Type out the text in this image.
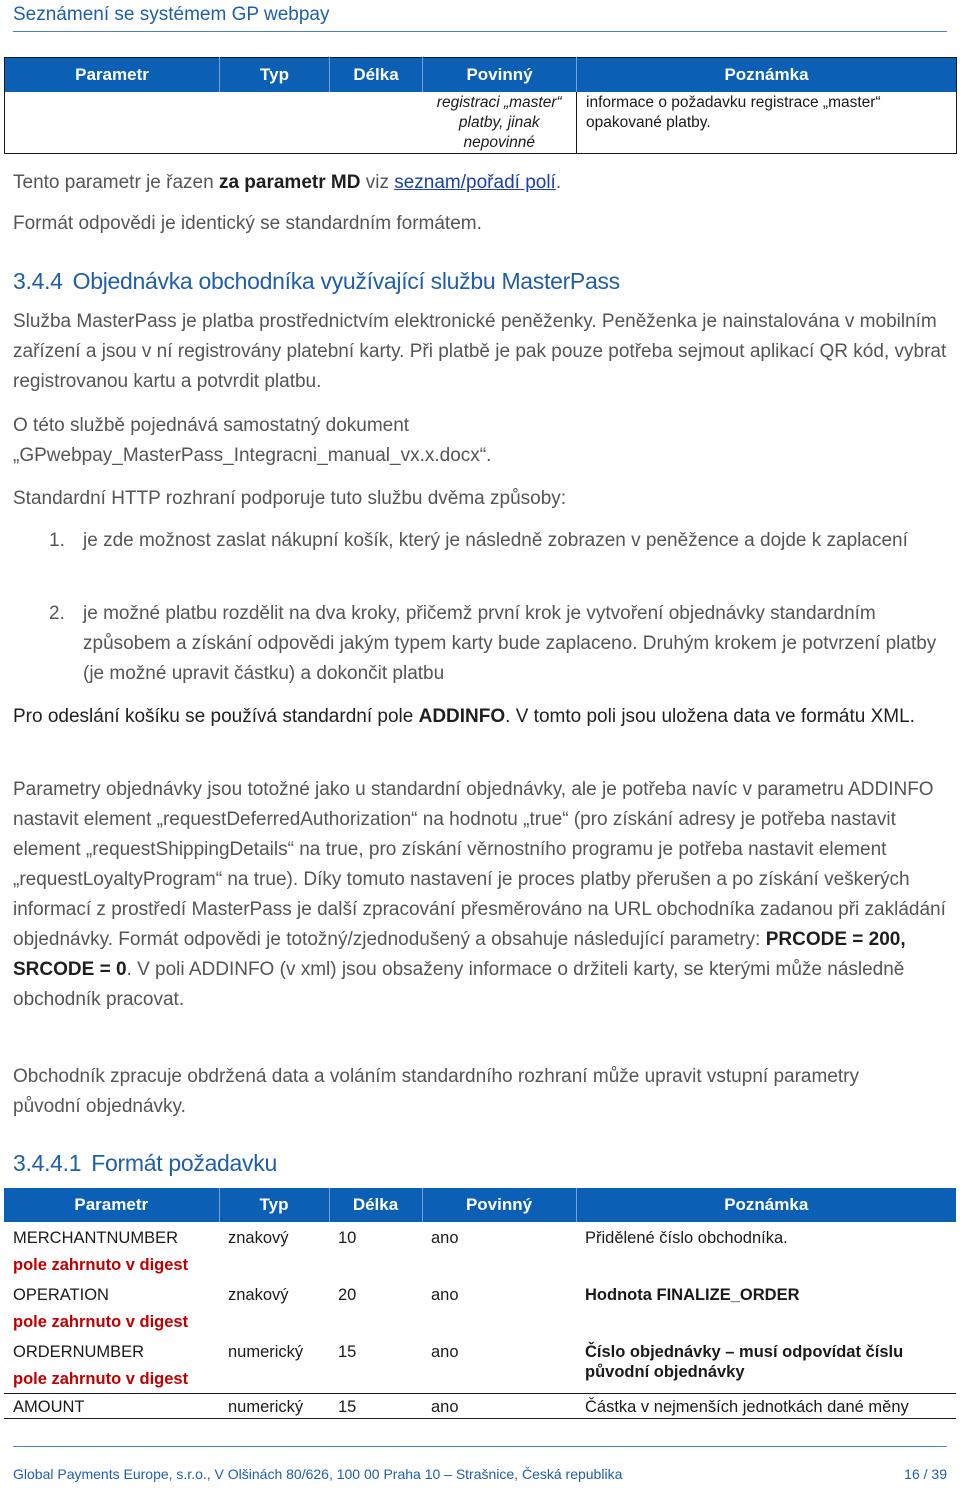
Seznámení se systémem GP webpay
Parametr	Typ	Délka	Povinný	Poznámka
			registraci „master“ platby, jinak nepovinné	informace o požadavku registrace „master“ opakované platby.
Tento parametr je řazen za parametr MD viz seznam/pořadí polí.
Formát odpovědi je identický se standardním formátem.
3.4.4 Objednávka obchodníka využívající službu MasterPass
Služba MasterPass je platba prostřednictvím elektronické peněženky. Peněženka je nainstalována v mobilním zařízení a jsou v ní registrovány platební karty. Při platbě je pak pouze potřeba sejmout aplikací QR kód, vybrat registrovanou kartu a potvrdit platbu.
O této službě pojednává samostatný dokument „GPwebpay_MasterPass_Integracni_manual_vx.x.docx“.
Standardní HTTP rozhraní podporuje tuto službu dvěma způsoby:
1. je zde možnost zaslat nákupní košík, který je následně zobrazen v peněžence a dojde k zaplacení
2. je možné platbu rozdělit na dva kroky, přičemž první krok je vytvoření objednávky standardním způsobem a získání odpovědi jakým typem karty bude zaplaceno. Druhým krokem je potvrzení platby (je možné upravit částku) a dokončit platbu
Pro odeslání košíku se používá standardní pole ADDINFO. V tomto poli jsou uložena data ve formátu XML.
Parametry objednávky jsou totožné jako u standardní objednávky, ale je potřeba navíc v parametru ADDINFO nastavit element „requestDeferredAuthorization“ na hodnotu „true“ (pro získání adresy je potřeba nastavit element „requestShippingDetails“ na true, pro získání věrnostního programu je potřeba nastavit element „requestLoyaltyProgram“ na true). Díky tomuto nastavení je proces platby přerušen a po získání veškerých informací z prostředí MasterPass je další zpracování přesměrováno na URL obchodníka zadanou při zakládání objednávky. Formát odpovědi je totožný/zjednodušený a obsahuje následující parametry: PRCODE = 200, SRCODE = 0. V poli ADDINFO (v xml) jsou obsaženy informace o držiteli karty, se kterými může následně obchodník pracovat.
Obchodník zpracuje obdržená data a voláním standardního rozhraní může upravit vstupní parametry původní objednávky.
3.4.4.1 Formát požadavku
Parametr	Typ	Délka	Povinný	Poznámka
MERCHANTNUMBER
pole zahrnuto v digest	znakový	10	ano	Přidělené číslo obchodníka.
OPERATION
pole zahrnuto v digest	znakový	20	ano	Hodnota FINALIZE_ORDER
ORDERNUMBER
pole zahrnuto v digest	numerický	15	ano	Číslo objednávky – musí odpovídat číslu původní objednávky
AMOUNT	numerický	15	ano	Částka v nejmenších jednotkách dané měny
Global Payments Europe, s.r.o., V Olšinách 80/626, 100 00 Praha 10 – Strašnice, Česká republika	16 / 39
